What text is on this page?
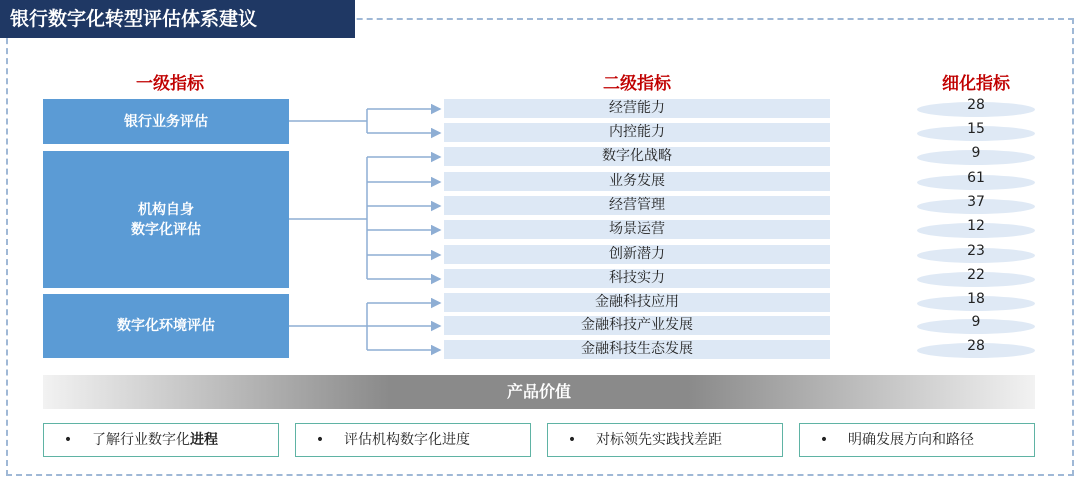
银行数字化转型评估体系建议
一级指标	二级指标	细化指标
银行业务评估
机构自身
数字化评估
数字化环境评估
经营能力	28
内控能力	15
数字化战略	9
业务发展	61
经营管理	37
场景运营	12
创新潜力	23
科技实力	22
金融科技应用	18
金融科技产业发展	9
金融科技生态发展	28
产品价值
•	了解行业数字化 进程	•	评估机构数字化进度	•	对标领先实践找差距	•	明确发展方向和路径
